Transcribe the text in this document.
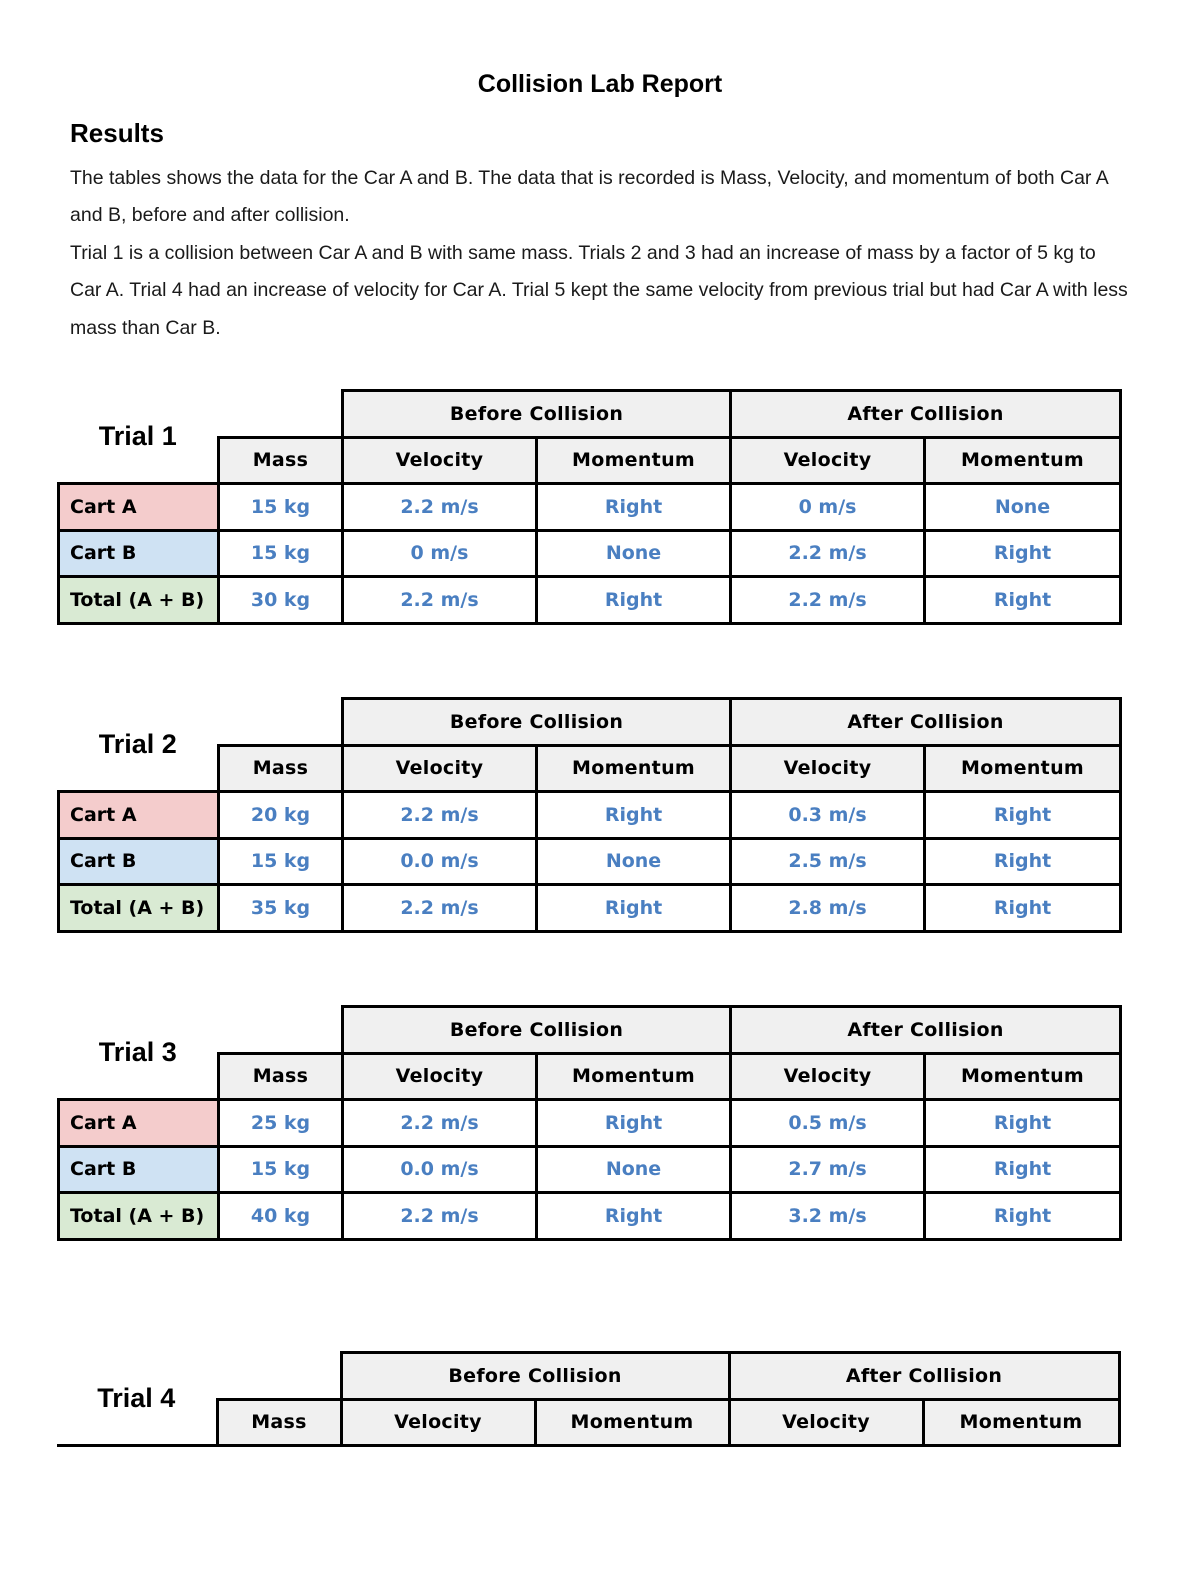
Collision Lab Report
Results

The tables shows the data for the Car A and B. The data that is recorded is Mass, Velocity, and momentum of both Car A and B, before and after collision.

Trial 1 is a collision between Car A and B with same mass. Trials 2 and 3 had an increase of mass by a factor of 5 kg to Car A. Trial 4 had an increase of velocity for Car A. Trial 5 kept the same velocity from previous trial but had Car A with less mass than Car B.

Trial 1		Before Collision		After Collision	
	Mass	Velocity	Momentum	Velocity	Momentum
Cart A	15 kg	2.2 m/s	Right	0 m/s	None
Cart B	15 kg	0 m/s	None	2.2 m/s	Right
Total (A + B)	30 kg	2.2 m/s	Right	2.2 m/s	Right
Trial 2		Before Collision		After Collision	
	Mass	Velocity	Momentum	Velocity	Momentum
Cart A	20 kg	2.2 m/s	Right	0.3 m/s	Right
Cart B	15 kg	0.0 m/s	None	2.5 m/s	Right
Total (A + B)	35 kg	2.2 m/s	Right	2.8 m/s	Right
Trial 3		Before Collision		After Collision	
	Mass	Velocity	Momentum	Velocity	Momentum
Cart A	25 kg	2.2 m/s	Right	0.5 m/s	Right
Cart B	15 kg	0.0 m/s	None	2.7 m/s	Right
Total (A + B)	40 kg	2.2 m/s	Right	3.2 m/s	Right
Trial 4		Before Collision		After Collision	
	Mass	Velocity	Momentum	Velocity	Momentum
